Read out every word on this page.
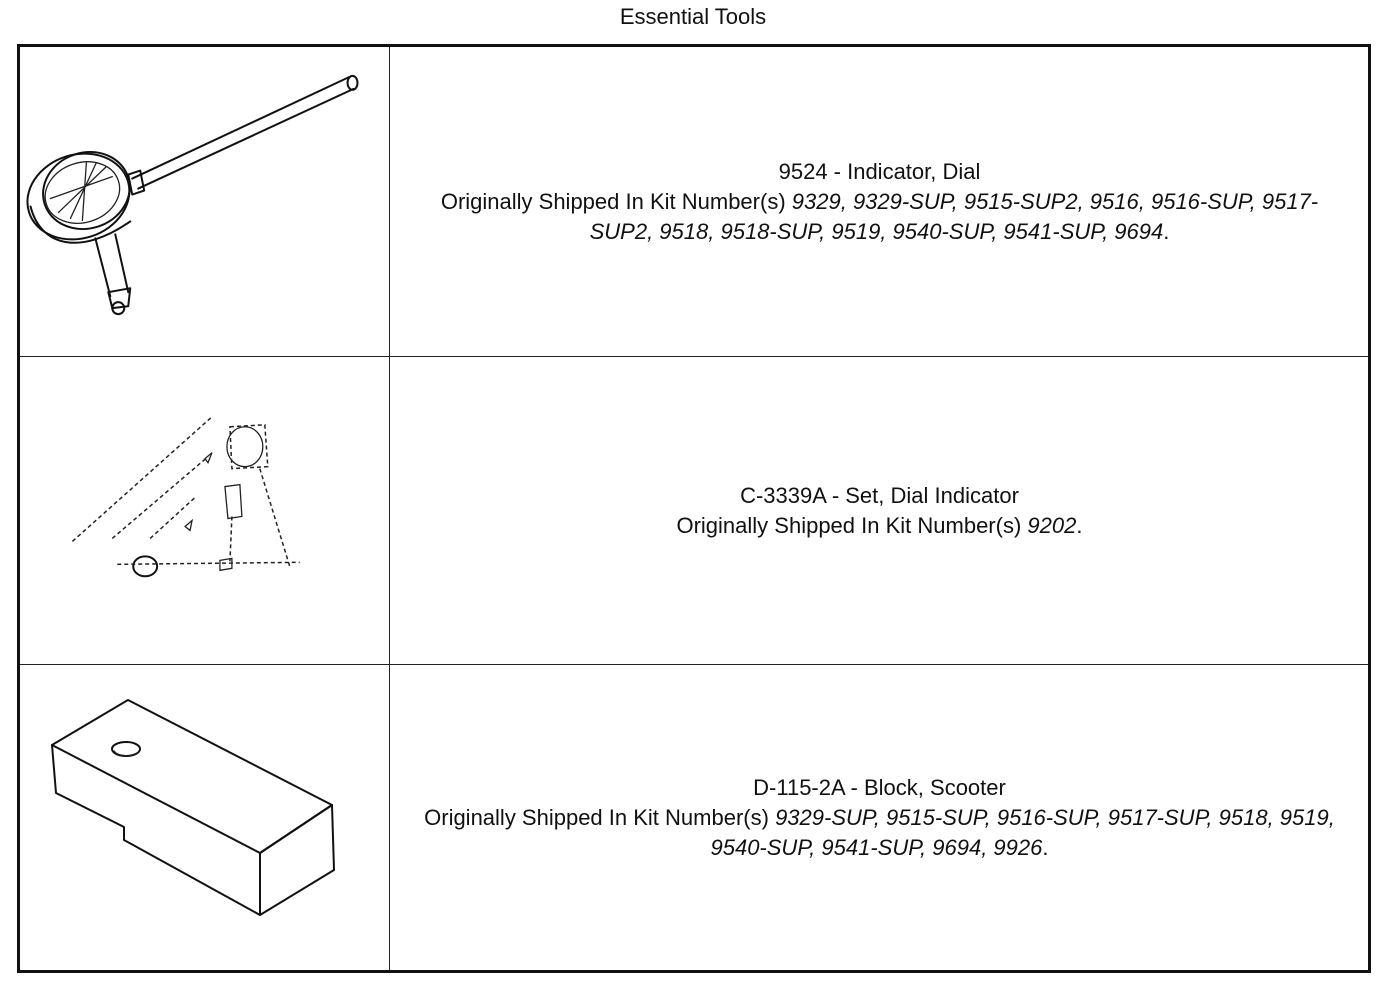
Essential Tools
9524 - Indicator, Dial
Originally Shipped In Kit Number(s) 9329, 9329-SUP, 9515-SUP2, 9516, 9516-SUP, 9517-SUP2, 9518, 9518-SUP, 9519, 9540-SUP, 9541-SUP, 9694.
C-3339A - Set, Dial Indicator
Originally Shipped In Kit Number(s) 9202.
D-115-2A - Block, Scooter
Originally Shipped In Kit Number(s) 9329-SUP, 9515-SUP, 9516-SUP, 9517-SUP, 9518, 9519, 9540-SUP, 9541-SUP, 9694, 9926.
